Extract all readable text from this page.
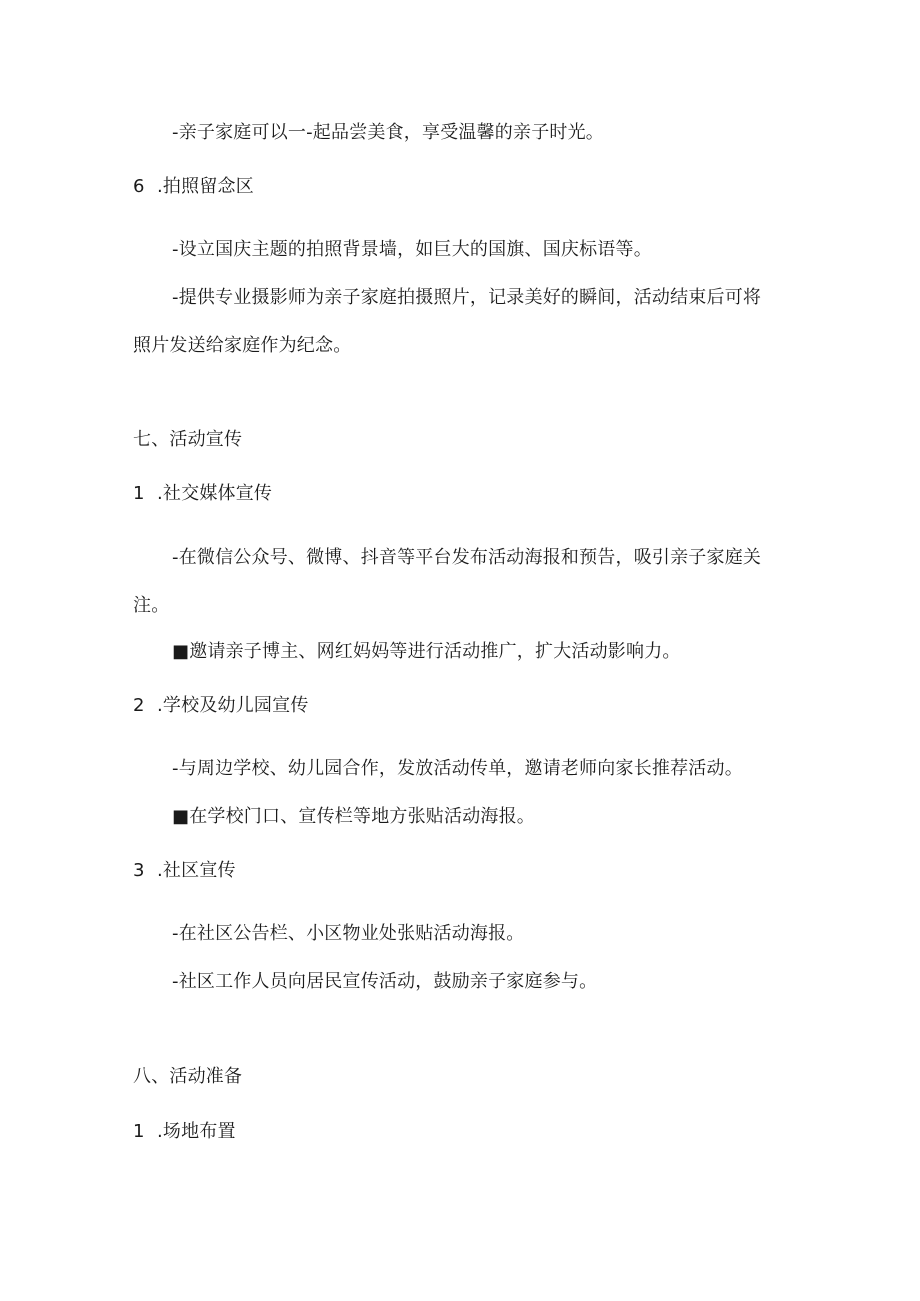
-亲子家庭可以一-起品尝美食，享受温馨的亲子时光。
6 .拍照留念区
-设立国庆主题的拍照背景墙，如巨大的国旗、国庆标语等。
-提供专业摄影师为亲子家庭拍摄照片，记录美好的瞬间，活动结束后可将
照片发送给家庭作为纪念。
七、活动宣传
1 .社交媒体宣传
-在微信公众号、微博、抖音等平台发布活动海报和预告，吸引亲子家庭关
注。
■邀请亲子博主、网红妈妈等进行活动推广，扩大活动影响力。
2 .学校及幼儿园宣传
-与周边学校、幼儿园合作，发放活动传单，邀请老师向家长推荐活动。
■在学校门口、宣传栏等地方张贴活动海报。
3 .社区宣传
-在社区公告栏、小区物业处张贴活动海报。
-社区工作人员向居民宣传活动，鼓励亲子家庭参与。
八、活动准备
1 .场地布置
